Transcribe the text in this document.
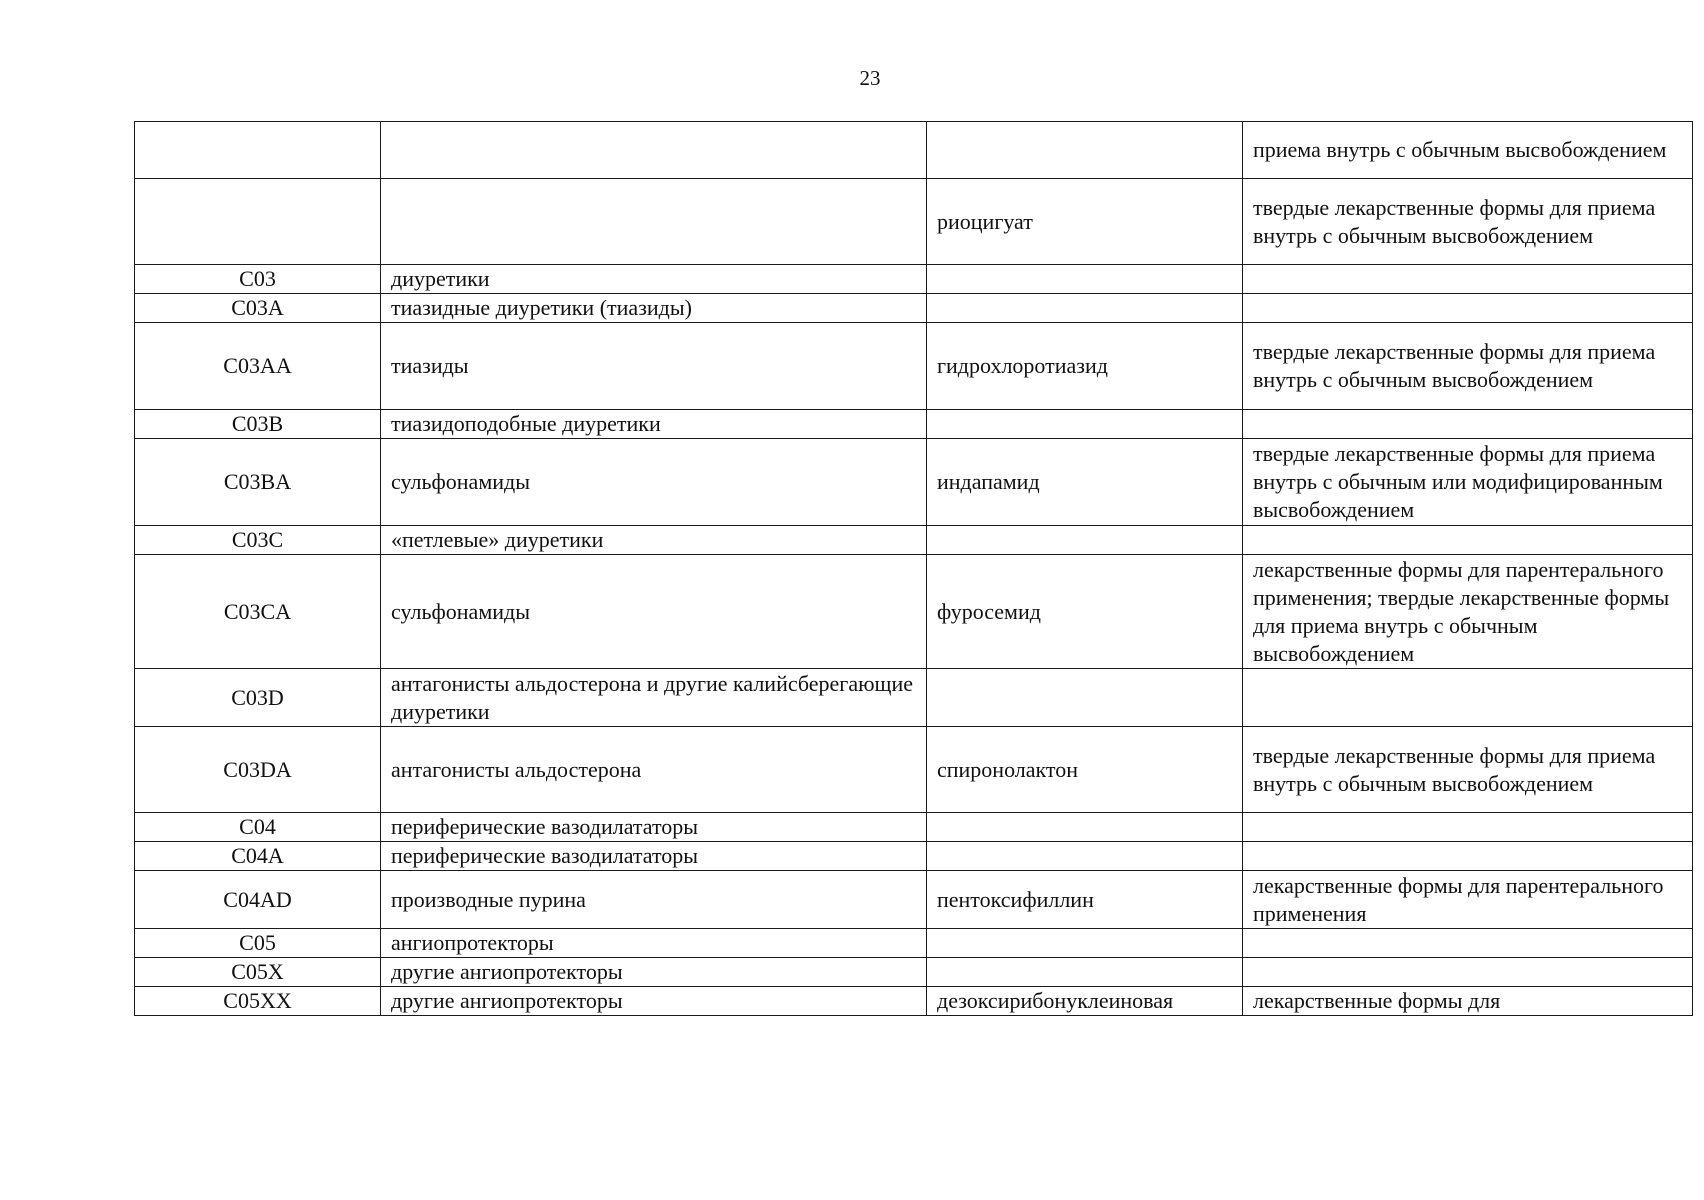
23
			приема внутрь с обычным высвобождением
		риоцигуат	твердые лекарственные формы для приема внутрь с обычным высвобождением
C03	диуретики		
C03A	тиазидные диуретики (тиазиды)		
C03AA	тиазиды	гидрохлоротиазид	твердые лекарственные формы для приема внутрь с обычным высвобождением
C03B	тиазидоподобные диуретики		
C03BA	сульфонамиды	индапамид	твердые лекарственные формы для приема внутрь с обычным или модифицированным высвобождением
C03C	«петлевые» диуретики		
C03CA	сульфонамиды	фуросемид	лекарственные формы для парентерального применения; твердые лекарственные формы для приема внутрь с обычным высвобождением
C03D	антагонисты альдостерона и другие калийсберегающие диуретики		
C03DA	антагонисты альдостерона	спиронолактон	твердые лекарственные формы для приема внутрь с обычным высвобождением
C04	периферические вазодилататоры		
C04A	периферические вазодилататоры		
C04AD	производные пурина	пентоксифиллин	лекарственные формы для парентерального применения
C05	ангиопротекторы		
C05X	другие ангиопротекторы		
C05XX	другие ангиопротекторы	дезоксирибонуклеиновая	лекарственные формы для
